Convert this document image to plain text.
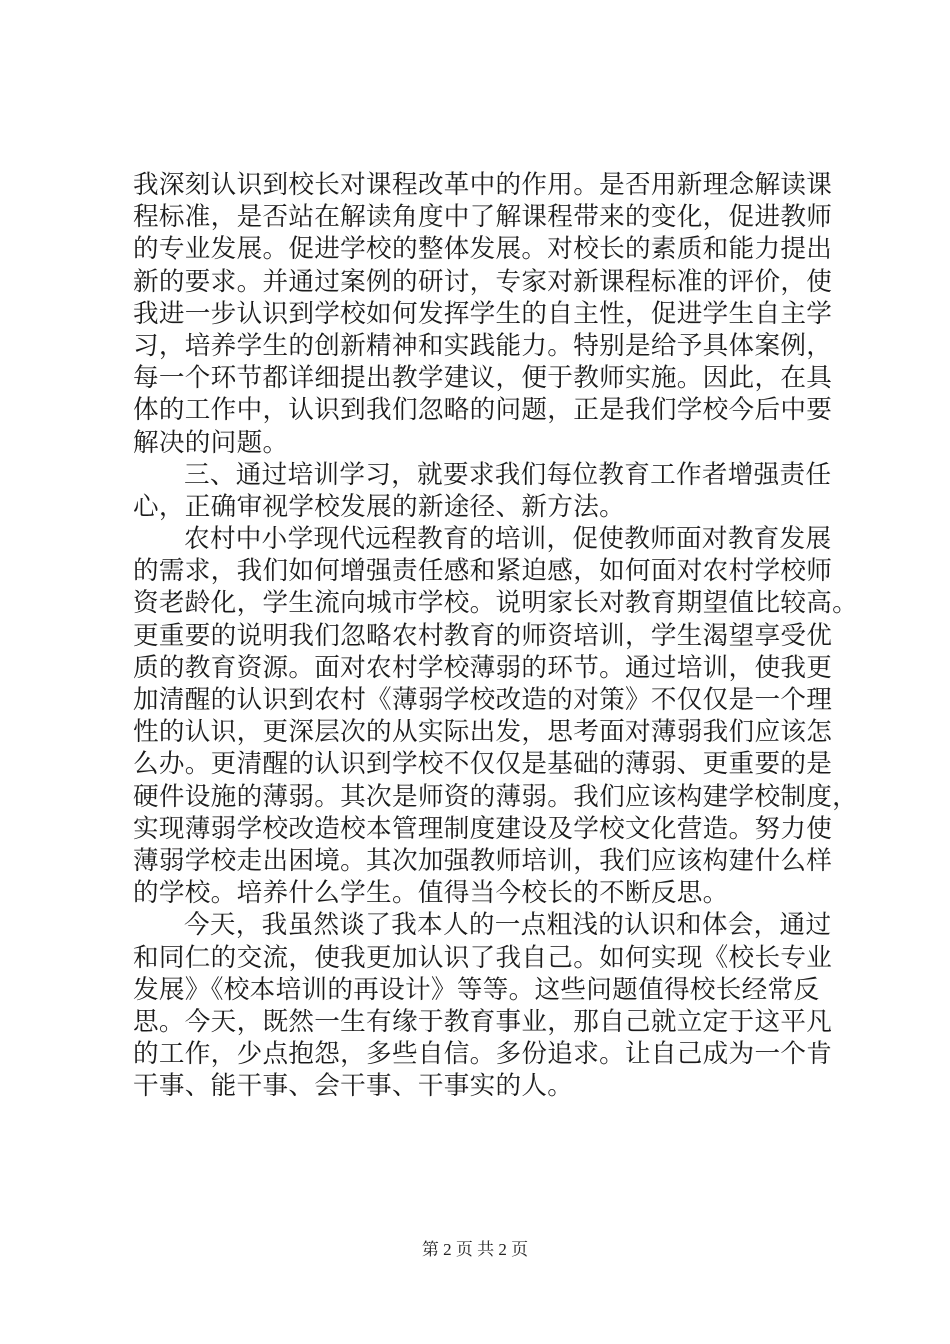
我深刻认识到校长对课程改革中的作用。是否用新理念解读课
程标准，是否站在解读角度中了解课程带来的变化，促进教师
的专业发展。促进学校的整体发展。对校长的素质和能力提出
新的要求。并通过案例的研讨，专家对新课程标准的评价，使
我进一步认识到学校如何发挥学生的自主性，促进学生自主学
习，培养学生的创新精神和实践能力。特别是给予具体案例，
每一个环节都详细提出教学建议，便于教师实施。因此，在具
体的工作中，认识到我们忽略的问题，正是我们学校今后中要
解决的问题。
三、通过培训学习，就要求我们每位教育工作者增强责任
心，正确审视学校发展的新途径、新方法。
农村中小学现代远程教育的培训，促使教师面对教育发展
的需求，我们如何增强责任感和紧迫感，如何面对农村学校师
资老龄化，学生流向城市学校。说明家长对教育期望值比较高。
更重要的说明我们忽略农村教育的师资培训，学生渴望享受优
质的教育资源。面对农村学校薄弱的环节。通过培训，使我更
加清醒的认识到农村《薄弱学校改造的对策》不仅仅是一个理
性的认识，更深层次的从实际出发，思考面对薄弱我们应该怎
么办。更清醒的认识到学校不仅仅是基础的薄弱、更重要的是
硬件设施的薄弱。其次是师资的薄弱。我们应该构建学校制度，
实现薄弱学校改造校本管理制度建设及学校文化营造。努力使
薄弱学校走出困境。其次加强教师培训，我们应该构建什么样
的学校。培养什么学生。值得当今校长的不断反思。
今天，我虽然谈了我本人的一点粗浅的认识和体会，通过
和同仁的交流，使我更加认识了我自己。如何实现《校长专业
发展》《校本培训的再设计》等等。这些问题值得校长经常反
思。今天，既然一生有缘于教育事业，那自己就立定于这平凡
的工作，少点抱怨，多些自信。多份追求。让自己成为一个肯
干事、能干事、会干事、干事实的人。
第 2 页 共 2 页
